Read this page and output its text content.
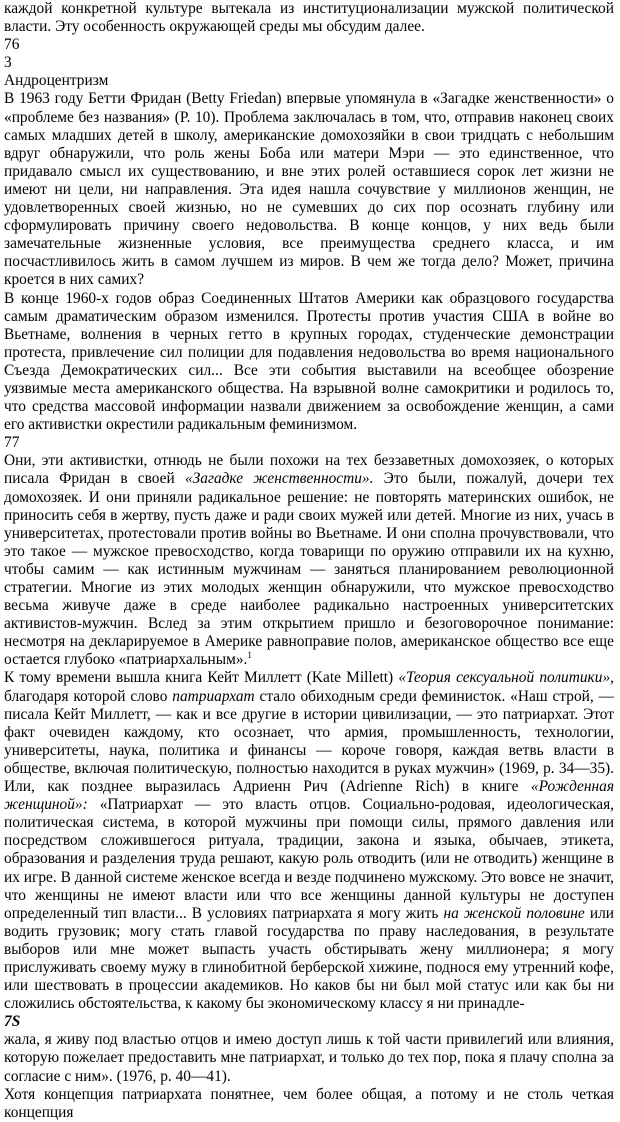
каждой конкретной культуре вытекала из институционализации мужской политической власти. Эту особенность окружающей среды мы обсудим далее.

76
3
Андроцентризм

В 1963 году Бетти Фридан (Betty Friedan) впервые упомянула в «Загадке женственности» о «проблеме без названия» (Р. 10). Проблема заключалась в том, что, отправив наконец своих самых младших детей в школу, американские домохозяйки в свои тридцать с небольшим вдруг обнаружили, что роль жены Боба или матери Мэри — это единственное, что придавало смысл их существованию, и вне этих ролей оставшиеся сорок лет жизни не имеют ни цели, ни направления. Эта идея нашла сочувствие у миллионов женщин, не удовлетворенных своей жизнью, но не сумевших до сих пор осознать глубину или сформулировать причину своего недовольства. В конце концов, у них ведь были замечательные жизненные условия, все преимущества среднего класса, и им посчастливилось жить в самом лучшем из миров. В чем же тогда дело? Может, причина кроется в них самих?

В конце 1960-х годов образ Соединенных Штатов Америки как образцового государства самым драматическим образом изменился. Протесты против участия США в войне во Вьетнаме, волнения в черных гетто в крупных городах, студенческие демонстрации протеста, привлечение сил полиции для подавления недовольства во время национального Съезда Демократических сил... Все эти события выставили на всеобщее обозрение уязвимые места американского общества. На взрывной волне самокритики и родилось то, что средства массовой информации назвали движением за освобождение женщин, а сами его активистки окрестили радикальным феминизмом.

77

Они, эти активистки, отнюдь не были похожи на тех беззаветных домохозяек, о которых писала Фридан в своей «Загадке женственности». Это были, пожалуй, дочери тех домохозяек. И они приняли радикальное решение: не повторять материнских ошибок, не приносить себя в жертву, пусть даже и ради своих мужей или детей. Многие из них, учась в университетах, протестовали против войны во Вьетнаме. И они сполна прочувствовали, что это такое — мужское превосходство, когда товарищи по оружию отправили их на кухню, чтобы самим — как истинным мужчинам — заняться планированием революционной стратегии. Многие из этих молодых женщин обнаружили, что мужское превосходство весьма живуче даже в среде наиболее радикально настроенных университетских активистов-мужчин. Вслед за этим открытием пришло и безоговорочное понимание: несмотря на декларируемое в Америке равноправие полов, американское общество все еще остается глубоко «патриархальным».$^1$

К тому времени вышла книга Кейт Миллетт (Kate Millett) «Теория сексуальной политики», благодаря которой слово патриархат стало обиходным среди феминисток. «Наш строй, — писала Кейт Миллетт, — как и все другие в истории цивилизации, — это патриархат. Этот факт очевиден каждому, кто осознает, что армия, промышленность, технологии, университеты, наука, политика и финансы — короче говоря, каждая ветвь власти в обществе, включая политическую, полностью находится в руках мужчин» (1969, р. 34—35). Или, как позднее выразилась Адриенн Рич (Adrienne Rich) в книге «Рожденная женщиной»: «Патриархат — это власть отцов. Социально-родовая, идеологическая, политическая система, в которой мужчины при помощи силы, прямого давления или посредством сложившегося ритуала, традиции, закона и языка, обычаев, этикета, образования и разделения труда решают, какую роль отводить (или не отводить) женщине в их игре. В данной системе женское всегда и везде подчинено мужскому. Это вовсе не значит, что женщины не имеют власти или что все женщины данной культуры не доступен определенный тип власти... В условиях патриархата я могу жить на женской половине или водить грузовик; могу стать главой государства по праву наследования, в результате выборов или мне может выпасть участь обстирывать жену миллионера; я могу прислуживать своему мужу в глинобитной берберской хижине, поднося ему утренний кофе, или шествовать в процессии академиков. Но каков бы ни был мой статус или как бы ни сложились обстоятельства, к какому бы экономическому классу я ни принадле-

7S

жала, я живу под властью отцов и имею доступ лишь к той части привилегий или влияния, которую пожелает предоставить мне патриархат, и только до тех пор, пока я плачу сполна за согласие с ним». (1976, р. 40—41).

Хотя концепция патриархата понятнее, чем более общая, а потому и не столь четкая концепция
